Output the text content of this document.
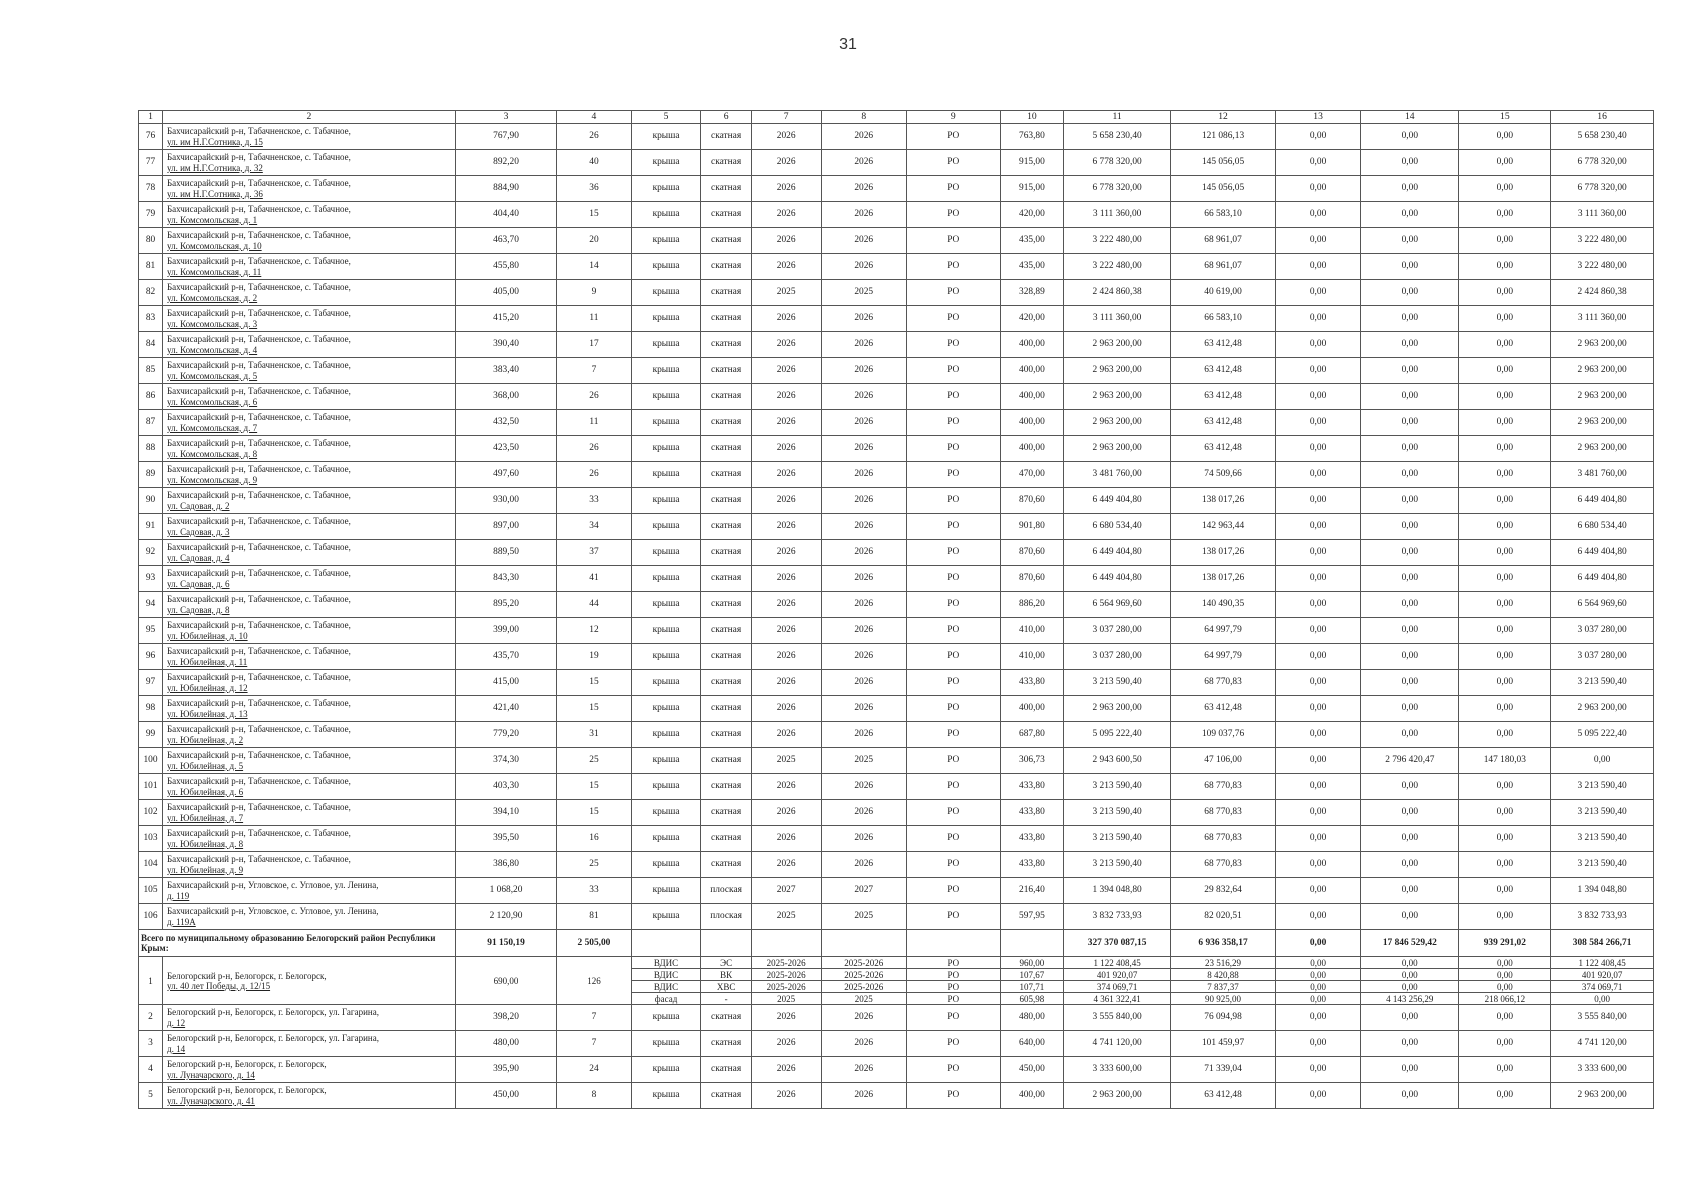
31
1	2	3	4	5	6	7	8	9	10	11	12	13	14	15	16
76	Бахчисарайский р-н, Табачненское, с. Табачное,
ул. им Н.Г.Сотника, д. 15	767,90	26	крыша	скатная	2026	2026	РО	763,80	5 658 230,40	121 086,13	0,00	0,00	0,00	5 658 230,40
77	Бахчисарайский р-н, Табачненское, с. Табачное,
ул. им Н.Г.Сотника, д. 32	892,20	40	крыша	скатная	2026	2026	РО	915,00	6 778 320,00	145 056,05	0,00	0,00	0,00	6 778 320,00
78	Бахчисарайский р-н, Табачненское, с. Табачное,
ул. им Н.Г.Сотника, д. 36	884,90	36	крыша	скатная	2026	2026	РО	915,00	6 778 320,00	145 056,05	0,00	0,00	0,00	6 778 320,00
79	Бахчисарайский р-н, Табачненское, с. Табачное,
ул. Комсомольская, д. 1	404,40	15	крыша	скатная	2026	2026	РО	420,00	3 111 360,00	66 583,10	0,00	0,00	0,00	3 111 360,00
80	Бахчисарайский р-н, Табачненское, с. Табачное,
ул. Комсомольская, д. 10	463,70	20	крыша	скатная	2026	2026	РО	435,00	3 222 480,00	68 961,07	0,00	0,00	0,00	3 222 480,00
81	Бахчисарайский р-н, Табачненское, с. Табачное,
ул. Комсомольская, д. 11	455,80	14	крыша	скатная	2026	2026	РО	435,00	3 222 480,00	68 961,07	0,00	0,00	0,00	3 222 480,00
82	Бахчисарайский р-н, Табачненское, с. Табачное,
ул. Комсомольская, д. 2	405,00	9	крыша	скатная	2025	2025	РО	328,89	2 424 860,38	40 619,00	0,00	0,00	0,00	2 424 860,38
83	Бахчисарайский р-н, Табачненское, с. Табачное,
ул. Комсомольская, д. 3	415,20	11	крыша	скатная	2026	2026	РО	420,00	3 111 360,00	66 583,10	0,00	0,00	0,00	3 111 360,00
84	Бахчисарайский р-н, Табачненское, с. Табачное,
ул. Комсомольская, д. 4	390,40	17	крыша	скатная	2026	2026	РО	400,00	2 963 200,00	63 412,48	0,00	0,00	0,00	2 963 200,00
85	Бахчисарайский р-н, Табачненское, с. Табачное,
ул. Комсомольская, д. 5	383,40	7	крыша	скатная	2026	2026	РО	400,00	2 963 200,00	63 412,48	0,00	0,00	0,00	2 963 200,00
86	Бахчисарайский р-н, Табачненское, с. Табачное,
ул. Комсомольская, д. 6	368,00	26	крыша	скатная	2026	2026	РО	400,00	2 963 200,00	63 412,48	0,00	0,00	0,00	2 963 200,00
87	Бахчисарайский р-н, Табачненское, с. Табачное,
ул. Комсомольская, д. 7	432,50	11	крыша	скатная	2026	2026	РО	400,00	2 963 200,00	63 412,48	0,00	0,00	0,00	2 963 200,00
88	Бахчисарайский р-н, Табачненское, с. Табачное,
ул. Комсомольская, д. 8	423,50	26	крыша	скатная	2026	2026	РО	400,00	2 963 200,00	63 412,48	0,00	0,00	0,00	2 963 200,00
89	Бахчисарайский р-н, Табачненское, с. Табачное,
ул. Комсомольская, д. 9	497,60	26	крыша	скатная	2026	2026	РО	470,00	3 481 760,00	74 509,66	0,00	0,00	0,00	3 481 760,00
90	Бахчисарайский р-н, Табачненское, с. Табачное,
ул. Садовая, д. 2	930,00	33	крыша	скатная	2026	2026	РО	870,60	6 449 404,80	138 017,26	0,00	0,00	0,00	6 449 404,80
91	Бахчисарайский р-н, Табачненское, с. Табачное,
ул. Садовая, д. 3	897,00	34	крыша	скатная	2026	2026	РО	901,80	6 680 534,40	142 963,44	0,00	0,00	0,00	6 680 534,40
92	Бахчисарайский р-н, Табачненское, с. Табачное,
ул. Садовая, д. 4	889,50	37	крыша	скатная	2026	2026	РО	870,60	6 449 404,80	138 017,26	0,00	0,00	0,00	6 449 404,80
93	Бахчисарайский р-н, Табачненское, с. Табачное,
ул. Садовая, д. 6	843,30	41	крыша	скатная	2026	2026	РО	870,60	6 449 404,80	138 017,26	0,00	0,00	0,00	6 449 404,80
94	Бахчисарайский р-н, Табачненское, с. Табачное,
ул. Садовая, д. 8	895,20	44	крыша	скатная	2026	2026	РО	886,20	6 564 969,60	140 490,35	0,00	0,00	0,00	6 564 969,60
95	Бахчисарайский р-н, Табачненское, с. Табачное,
ул. Юбилейная, д. 10	399,00	12	крыша	скатная	2026	2026	РО	410,00	3 037 280,00	64 997,79	0,00	0,00	0,00	3 037 280,00
96	Бахчисарайский р-н, Табачненское, с. Табачное,
ул. Юбилейная, д. 11	435,70	19	крыша	скатная	2026	2026	РО	410,00	3 037 280,00	64 997,79	0,00	0,00	0,00	3 037 280,00
97	Бахчисарайский р-н, Табачненское, с. Табачное,
ул. Юбилейная, д. 12	415,00	15	крыша	скатная	2026	2026	РО	433,80	3 213 590,40	68 770,83	0,00	0,00	0,00	3 213 590,40
98	Бахчисарайский р-н, Табачненское, с. Табачное,
ул. Юбилейная, д. 13	421,40	15	крыша	скатная	2026	2026	РО	400,00	2 963 200,00	63 412,48	0,00	0,00	0,00	2 963 200,00
99	Бахчисарайский р-н, Табачненское, с. Табачное,
ул. Юбилейная, д. 2	779,20	31	крыша	скатная	2026	2026	РО	687,80	5 095 222,40	109 037,76	0,00	0,00	0,00	5 095 222,40
100	Бахчисарайский р-н, Табачненское, с. Табачное,
ул. Юбилейная, д. 5	374,30	25	крыша	скатная	2025	2025	РО	306,73	2 943 600,50	47 106,00	0,00	2 796 420,47	147 180,03	0,00
101	Бахчисарайский р-н, Табачненское, с. Табачное,
ул. Юбилейная, д. 6	403,30	15	крыша	скатная	2026	2026	РО	433,80	3 213 590,40	68 770,83	0,00	0,00	0,00	3 213 590,40
102	Бахчисарайский р-н, Табачненское, с. Табачное,
ул. Юбилейная, д. 7	394,10	15	крыша	скатная	2026	2026	РО	433,80	3 213 590,40	68 770,83	0,00	0,00	0,00	3 213 590,40
103	Бахчисарайский р-н, Табачненское, с. Табачное,
ул. Юбилейная, д. 8	395,50	16	крыша	скатная	2026	2026	РО	433,80	3 213 590,40	68 770,83	0,00	0,00	0,00	3 213 590,40
104	Бахчисарайский р-н, Табачненское, с. Табачное,
ул. Юбилейная, д. 9	386,80	25	крыша	скатная	2026	2026	РО	433,80	3 213 590,40	68 770,83	0,00	0,00	0,00	3 213 590,40
105	Бахчисарайский р-н, Угловское, с. Угловое, ул. Ленина,
д. 119	1 068,20	33	крыша	плоская	2027	2027	РО	216,40	1 394 048,80	29 832,64	0,00	0,00	0,00	1 394 048,80
106	Бахчисарайский р-н, Угловское, с. Угловое, ул. Ленина,
д. 119А	2 120,90	81	крыша	плоская	2025	2025	РО	597,95	3 832 733,93	82 020,51	0,00	0,00	0,00	3 832 733,93
Всего по муниципальному образованию Белогорский район Республики Крым:		91 150,19	2 505,00							327 370 087,15	6 936 358,17	0,00	17 846 529,42	939 291,02	308 584 266,71
1	Белогорский р-н, Белогорск, г. Белогорск,
ул. 40 лет Победы, д. 12/15	690,00	126	ВДИС	ЭС	2025-2026	2025-2026	РО	960,00	1 122 408,45	23 516,29	0,00	0,00	0,00	1 122 408,45
				ВДИС	ВК	2025-2026	2025-2026	РО	107,67	401 920,07	8 420,88	0,00	0,00	0,00	401 920,07
				ВДИС	ХВС	2025-2026	2025-2026	РО	107,71	374 069,71	7 837,37	0,00	0,00	0,00	374 069,71
				фасад	-	2025	2025	РО	605,98	4 361 322,41	90 925,00	0,00	4 143 256,29	218 066,12	0,00
2	Белогорский р-н, Белогорск, г. Белогорск, ул. Гагарина,
д. 12	398,20	7	крыша	скатная	2026	2026	РО	480,00	3 555 840,00	76 094,98	0,00	0,00	0,00	3 555 840,00
3	Белогорский р-н, Белогорск, г. Белогорск, ул. Гагарина,
д. 14	480,00	7	крыша	скатная	2026	2026	РО	640,00	4 741 120,00	101 459,97	0,00	0,00	0,00	4 741 120,00
4	Белогорский р-н, Белогорск, г. Белогорск,
ул. Луначарского, д. 14	395,90	24	крыша	скатная	2026	2026	РО	450,00	3 333 600,00	71 339,04	0,00	0,00	0,00	3 333 600,00
5	Белогорский р-н, Белогорск, г. Белогорск,
ул. Луначарского, д. 41	450,00	8	крыша	скатная	2026	2026	РО	400,00	2 963 200,00	63 412,48	0,00	0,00	0,00	2 963 200,00
